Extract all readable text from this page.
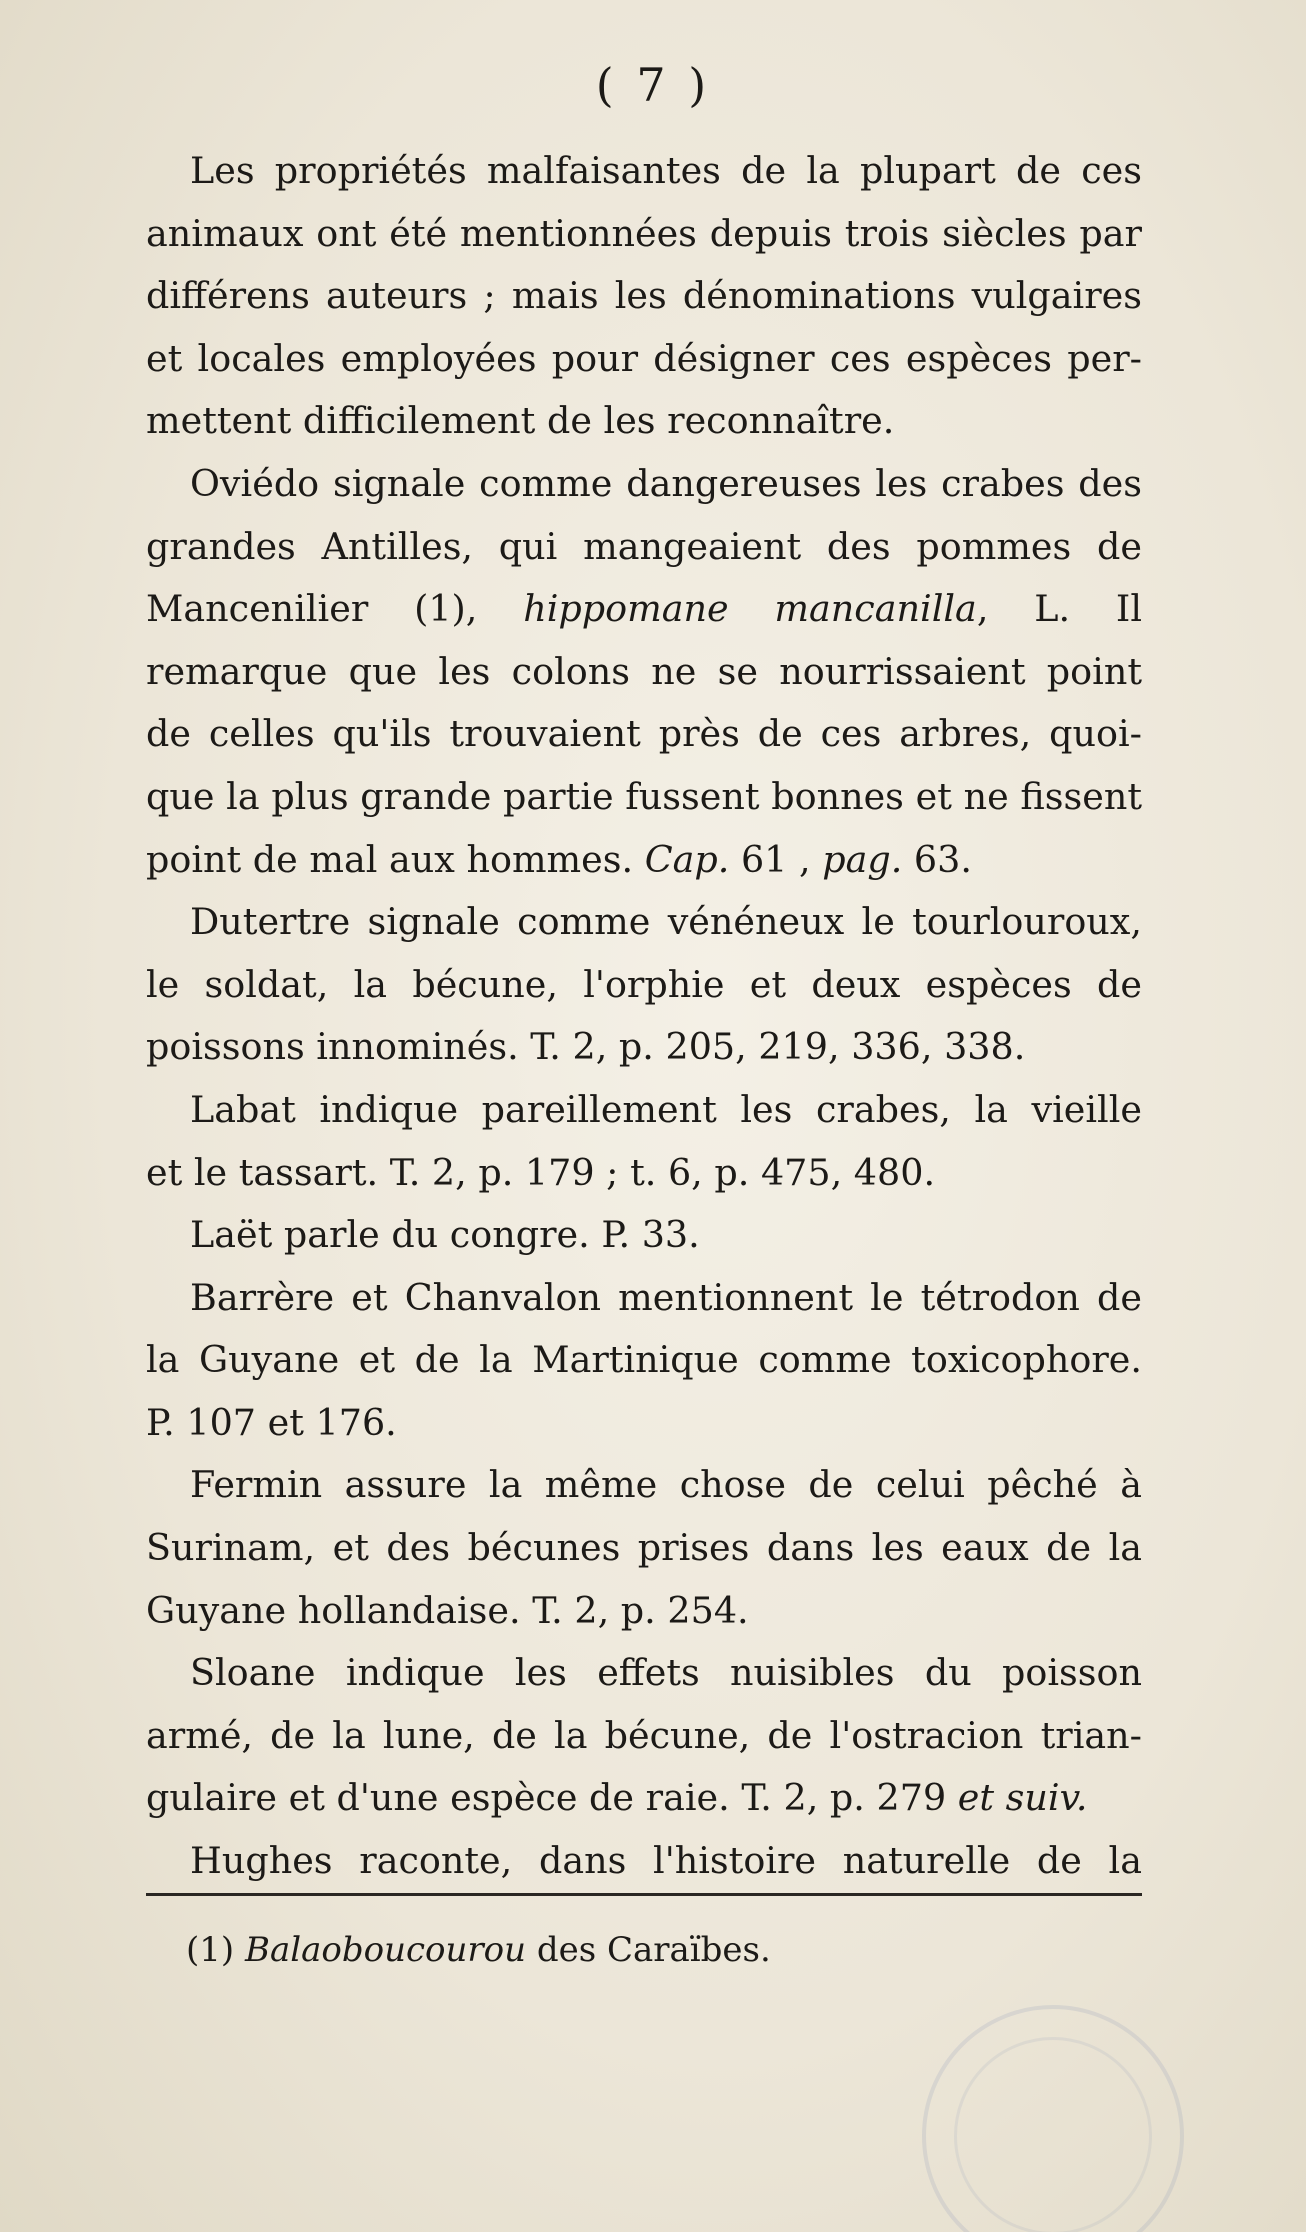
( 7 )
Les propriétés malfaisantes de la plupart de ces
animaux ont été mentionnées depuis trois siècles par
différens auteurs ; mais les dénominations vulgaires
et locales employées pour désigner ces espèces per-
mettent difficilement de les reconnaître.
Oviédo signale comme dangereuses les crabes des
grandes Antilles, qui mangeaient des pommes de
Mancenilier (1), hippomane mancanilla, L. Il
remarque que les colons ne se nourrissaient point
de celles qu'ils trouvaient près de ces arbres, quoi-
que la plus grande partie fussent bonnes et ne fissent
point de mal aux hommes. Cap. 61 , pag. 63.
Dutertre signale comme vénéneux le tourlouroux,
le soldat, la bécune, l'orphie et deux espèces de
poissons innominés. T. 2, p. 205, 219, 336, 338.
Labat indique pareillement les crabes, la vieille
et le tassart. T. 2, p. 179 ; t. 6, p. 475, 480.
Laët parle du congre. P. 33.
Barrère et Chanvalon mentionnent le tétrodon de
la Guyane et de la Martinique comme toxicophore.
P. 107 et 176.
Fermin assure la même chose de celui pêché à
Surinam, et des bécunes prises dans les eaux de la
Guyane hollandaise. T. 2, p. 254.
Sloane indique les effets nuisibles du poisson
armé, de la lune, de la bécune, de l'ostracion trian-
gulaire et d'une espèce de raie. T. 2, p. 279 et suiv.
Hughes raconte, dans l'histoire naturelle de la
(1) Balaoboucourou des Caraïbes.
